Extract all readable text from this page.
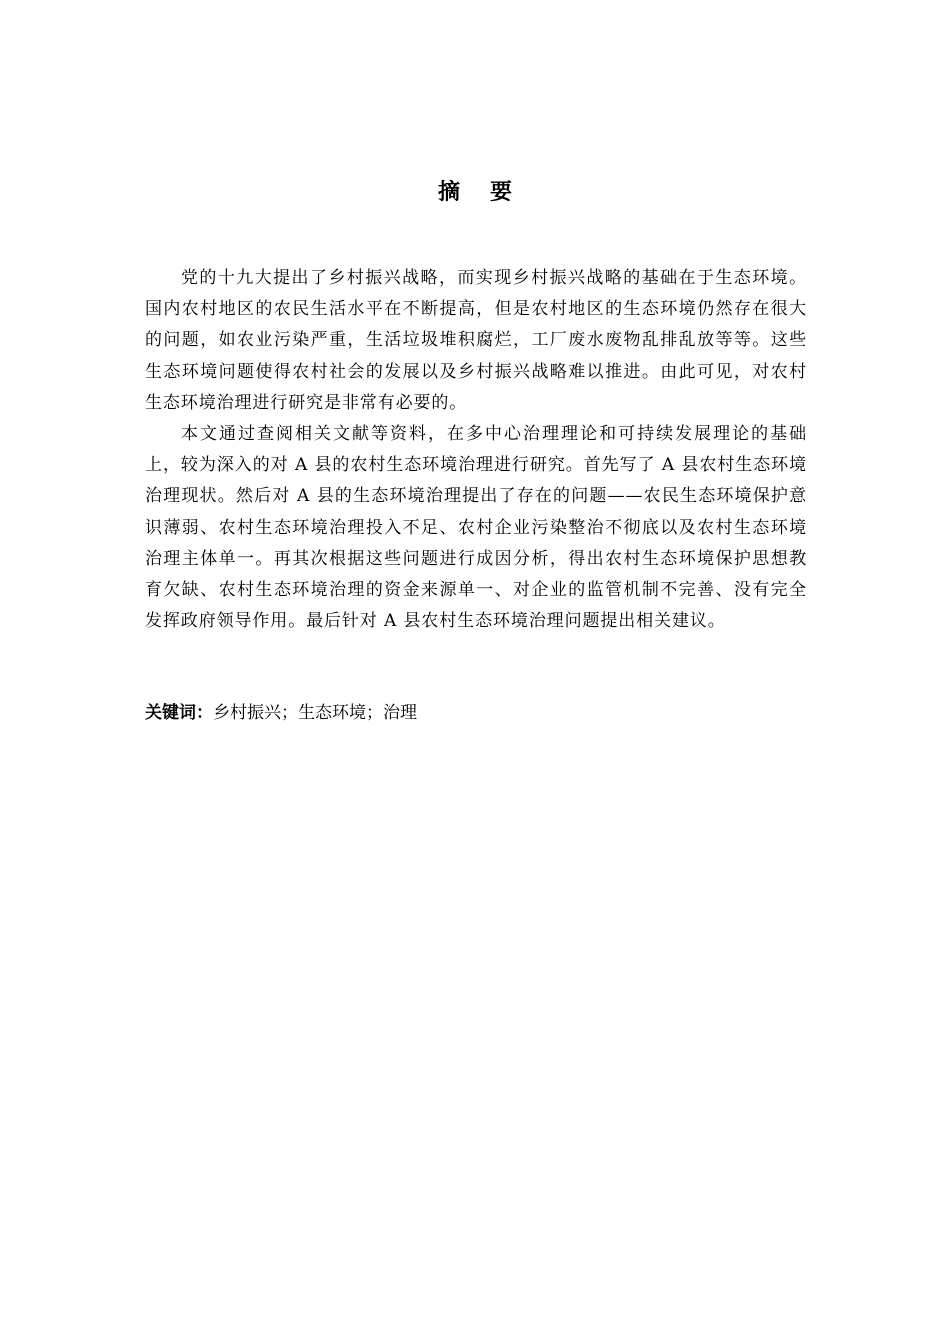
摘 要

党的十九大提出了乡村振兴战略，而实现乡村振兴战略的基础在于生态环境。国内农村地区的农民生活水平在不断提高，但是农村地区的生态环境仍然存在很大的问题，如农业污染严重，生活垃圾堆积腐烂，工厂废水废物乱排乱放等等。这些生态环境问题使得农村社会的发展以及乡村振兴战略难以推进。由此可见，对农村生态环境治理进行研究是非常有必要的。

本文通过查阅相关文献等资料，在多中心治理理论和可持续发展理论的基础上，较为深入的对 A 县的农村生态环境治理进行研究。首先写了 A 县农村生态环境治理现状。然后对 A 县的生态环境治理提出了存在的问题——农民生态环境保护意识薄弱、农村生态环境治理投入不足、农村企业污染整治不彻底以及农村生态环境治理主体单一。再其次根据这些问题进行成因分析，得出农村生态环境保护思想教育欠缺、农村生态环境治理的资金来源单一、对企业的监管机制不完善、没有完全发挥政府领导作用。最后针对 A 县农村生态环境治理问题提出相关建议。

关键词：乡村振兴；生态环境；治理
